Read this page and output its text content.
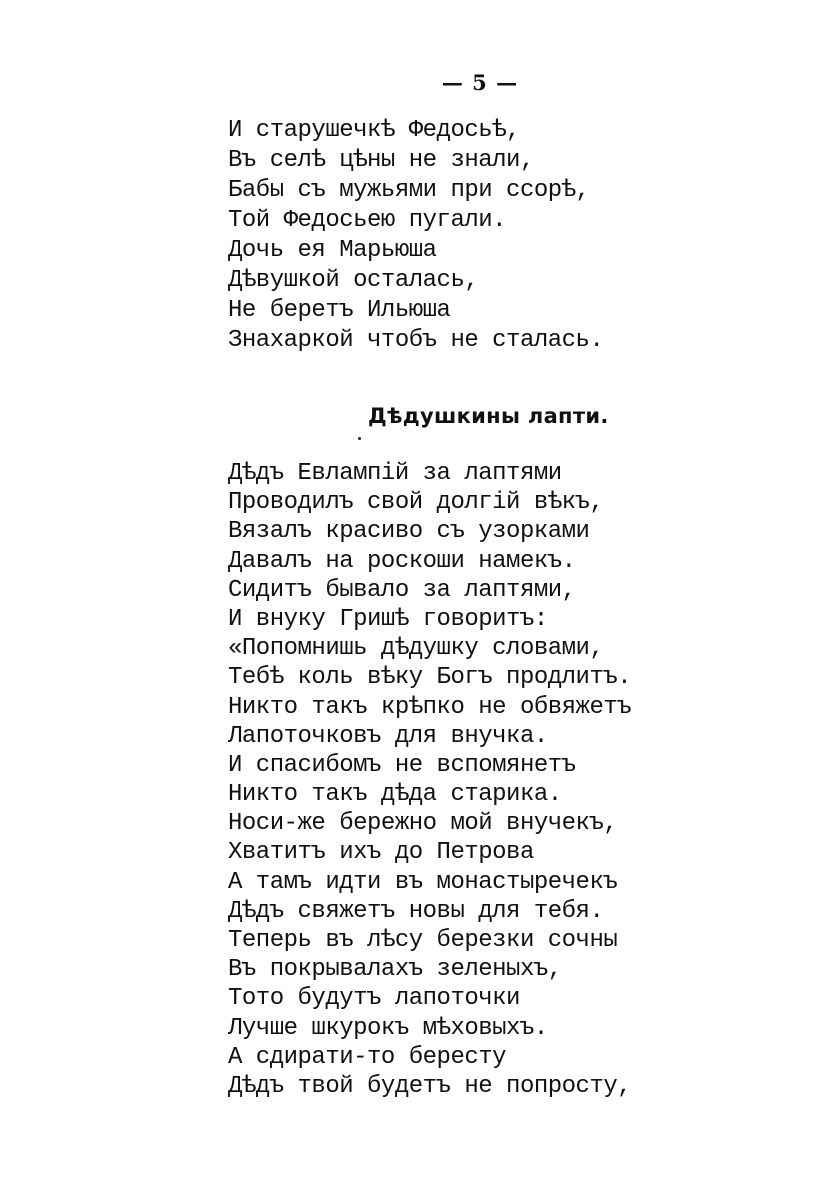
— 5 —
И старушечкѣ Федосьѣ,
Въ селѣ цѣны не знали,
Бабы съ мужьями при ссорѣ,
Той Федосьею пугали.
Дочь ея Марьюша
Дѣвушкой осталась,
Не беретъ Ильюша
Знахаркой чтобъ не сталась.
Дѣдушкины лапти.
Дѣдъ Евлампій за лаптями
Проводилъ свой долгій вѣкъ,
Вязалъ красиво съ узорками
Давалъ на роскоши намекъ.
Сидитъ бывало за лаптями,
И внуку Гришѣ говоритъ:
«Попомнишь дѣдушку словами,
Тебѣ коль вѣку Богъ продлитъ.
Никто такъ крѣпко не обвяжетъ
Лапоточковъ для внучка.
И спасибомъ не вспомянетъ
Никто такъ дѣда старика.
Носи-же бережно мой внучекъ,
Хватитъ ихъ до Петрова
А тамъ идти въ монастыречекъ
Дѣдъ свяжетъ новы для тебя.
Теперь въ лѣсу березки сочны
Въ покрывалахъ зеленыхъ,
Тото будутъ лапоточки
Лучше шкурокъ мѣховыхъ.
А сдирати-то бересту
Дѣдъ твой будетъ не попросту,
